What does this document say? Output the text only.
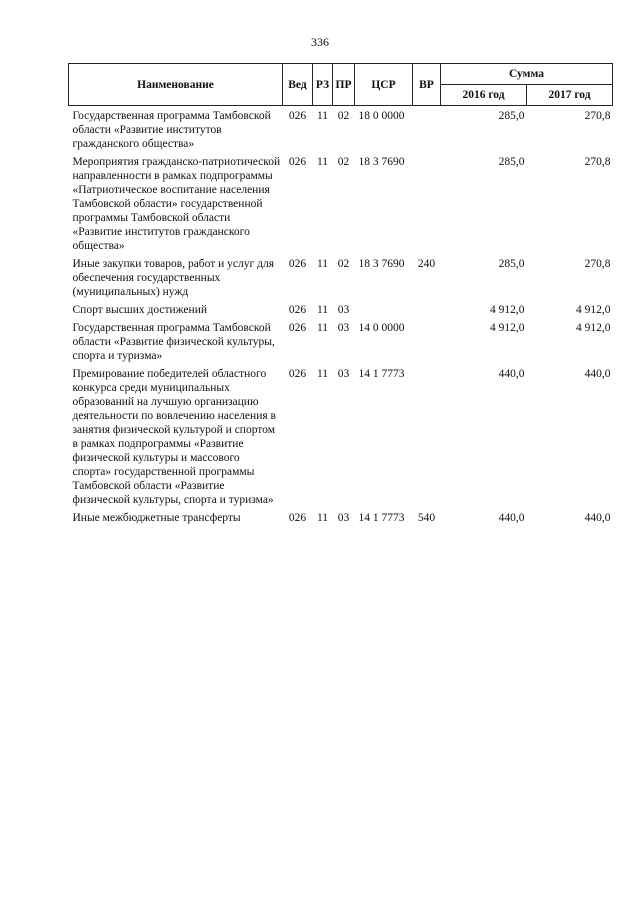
336
Наименование	Вед	РЗ	ПР	ЦСР	ВР	Сумма	
						2016 год	2017 год
Государственная программа Тамбовской области «Развитие институтов гражданского общества»	026	11	02	18 0 0000		285,0	270,8
Мероприятия гражданско-патриотической направленности в рамках подпрограммы «Патриотическое воспитание населения Тамбовской области» государственной программы Тамбовской области «Развитие институтов гражданского общества»	026	11	02	18 3 7690		285,0	270,8
Иные закупки товаров, работ и услуг для обеспечения государственных (муниципальных) нужд	026	11	02	18 3 7690	240	285,0	270,8
Спорт высших достижений	026	11	03			4 912,0	4 912,0
Государственная программа Тамбовской области «Развитие физической культуры, спорта и туризма»	026	11	03	14 0 0000		4 912,0	4 912,0
Премирование победителей областного конкурса среди муниципальных образований на лучшую организацию деятельности по вовлечению населения в занятия физической культурой и спортом в рамках подпрограммы «Развитие физической культуры и массового спорта» государственной программы Тамбовской области «Развитие физической культуры, спорта и туризма»	026	11	03	14 1 7773		440,0	440,0
Иные межбюджетные трансферты	026	11	03	14 1 7773	540	440,0	440,0
